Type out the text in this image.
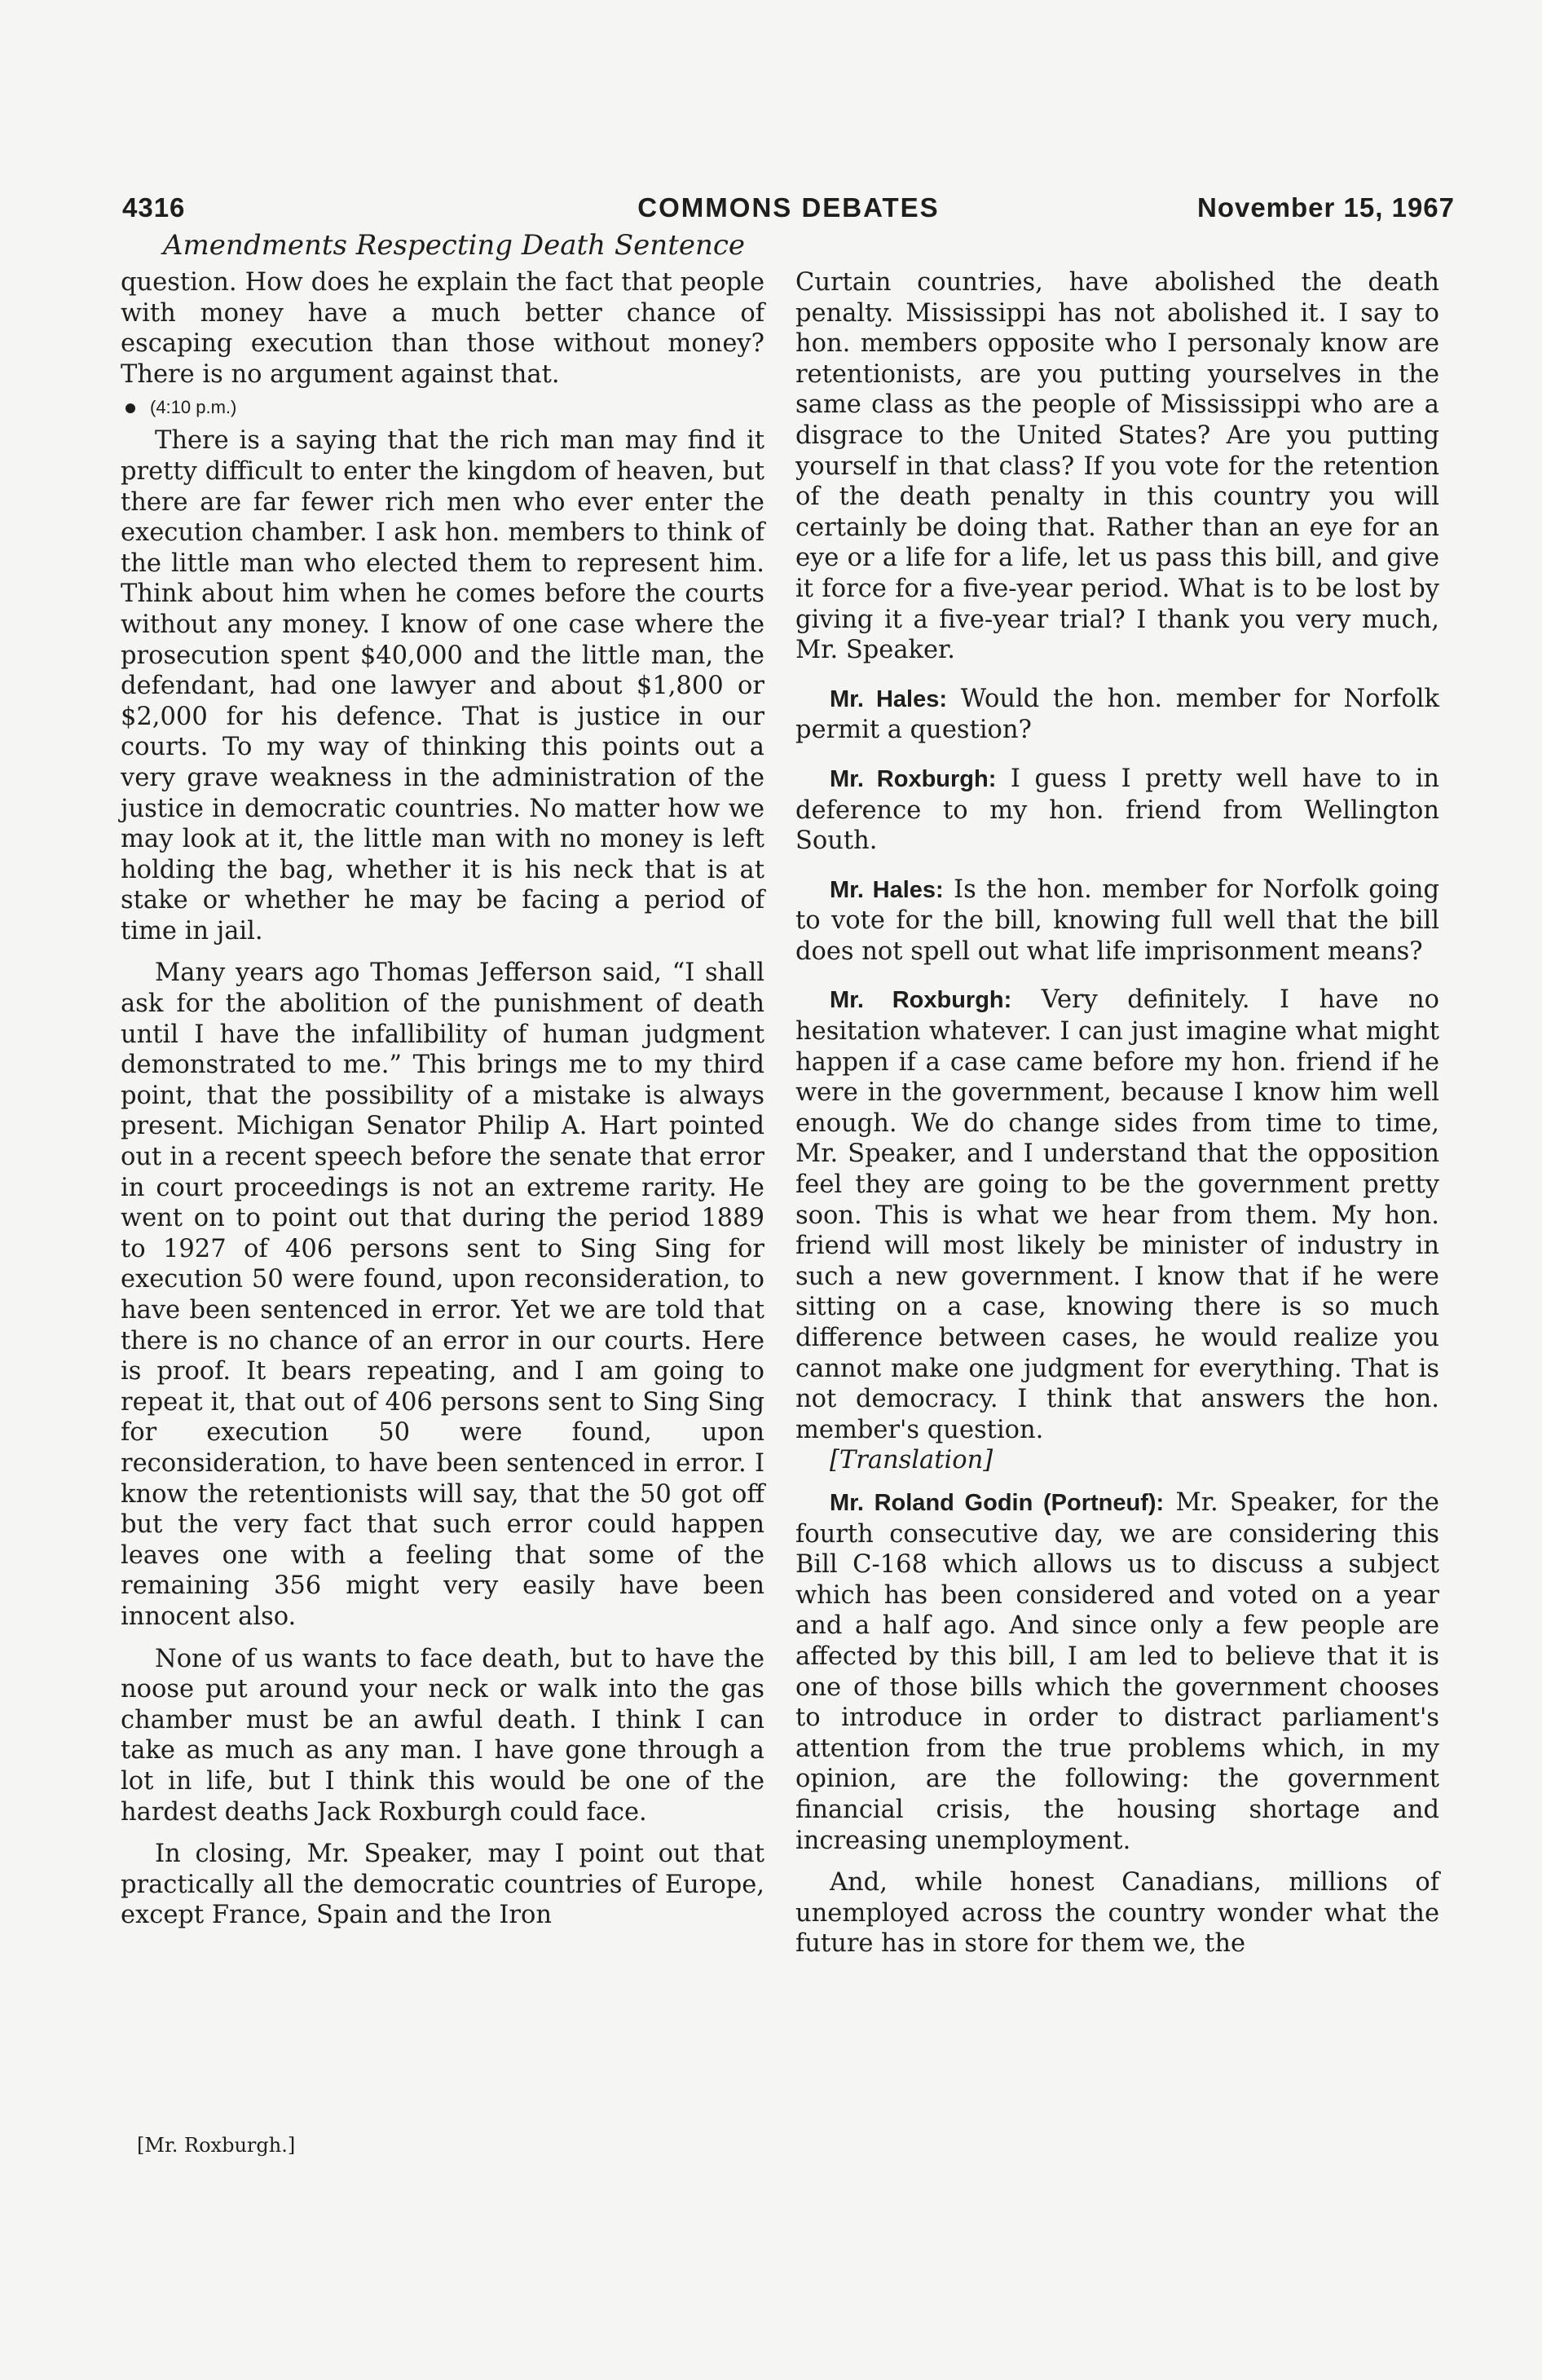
COMMONS DEBATES
4316	November 15, 1967
Amendments Respecting Death Sentence

question. How does he explain the fact that people with money have a much better chance of escaping execution than those without money? There is no argument against that.

(4:10 p.m.)

There is a saying that the rich man may find it pretty difficult to enter the kingdom of heaven, but there are far fewer rich men who ever enter the execution chamber. I ask hon. members to think of the little man who elected them to represent him. Think about him when he comes before the courts without any money. I know of one case where the prosecution spent $40,000 and the little man, the defendant, had one lawyer and about $1,800 or $2,000 for his defence. That is justice in our courts. To my way of thinking this points out a very grave weakness in the administration of the justice in democratic countries. No matter how we may look at it, the little man with no money is left holding the bag, whether it is his neck that is at stake or whether he may be facing a period of time in jail.

Many years ago Thomas Jefferson said, “I shall ask for the abolition of the punishment of death until I have the infallibility of human judgment demonstrated to me.” This brings me to my third point, that the possibility of a mistake is always present. Michigan Senator Philip A. Hart pointed out in a recent speech before the senate that error in court proceedings is not an extreme rarity. He went on to point out that during the period 1889 to 1927 of 406 persons sent to Sing Sing for execution 50 were found, upon reconsideration, to have been sentenced in error. Yet we are told that there is no chance of an error in our courts. Here is proof. It bears repeating, and I am going to repeat it, that out of 406 persons sent to Sing Sing for execution 50 were found, upon reconsideration, to have been sentenced in error. I know the retentionists will say, that the 50 got off but the very fact that such error could happen leaves one with a feeling that some of the remaining 356 might very easily have been innocent also.

None of us wants to face death, but to have the noose put around your neck or walk into the gas chamber must be an awful death. I think I can take as much as any man. I have gone through a lot in life, but I think this would be one of the hardest deaths Jack Roxburgh could face.

In closing, Mr. Speaker, may I point out that practically all the democratic countries of Europe, except France, Spain and the Iron

Curtain countries, have abolished the death penalty. Mississippi has not abolished it. I say to hon. members opposite who I personaly know are retentionists, are you putting yourselves in the same class as the people of Mississippi who are a disgrace to the United States? Are you putting yourself in that class? If you vote for the retention of the death penalty in this country you will certainly be doing that. Rather than an eye for an eye or a life for a life, let us pass this bill, and give it force for a five-year period. What is to be lost by giving it a five-year trial? I thank you very much, Mr. Speaker.

Mr. Hales: Would the hon. member for Norfolk permit a question?

Mr. Roxburgh: I guess I pretty well have to in deference to my hon. friend from Wellington South.

Mr. Hales: Is the hon. member for Norfolk going to vote for the bill, knowing full well that the bill does not spell out what life imprisonment means?

Mr. Roxburgh: Very definitely. I have no hesitation whatever. I can just imagine what might happen if a case came before my hon. friend if he were in the government, because I know him well enough. We do change sides from time to time, Mr. Speaker, and I understand that the opposition feel they are going to be the government pretty soon. This is what we hear from them. My hon. friend will most likely be minister of industry in such a new government. I know that if he were sitting on a case, knowing there is so much difference between cases, he would realize you cannot make one judgment for everything. That is not democracy. I think that answers the hon. member's question.

[Translation]

Mr. Roland Godin (Portneuf): Mr. Speaker, for the fourth consecutive day, we are considering this Bill C-168 which allows us to discuss a subject which has been considered and voted on a year and a half ago. And since only a few people are affected by this bill, I am led to believe that it is one of those bills which the government chooses to introduce in order to distract parliament's attention from the true problems which, in my opinion, are the following: the government financial crisis, the housing shortage and increasing unemployment.

And, while honest Canadians, millions of unemployed across the country wonder what the future has in store for them we, the

[Mr. Roxburgh.]
